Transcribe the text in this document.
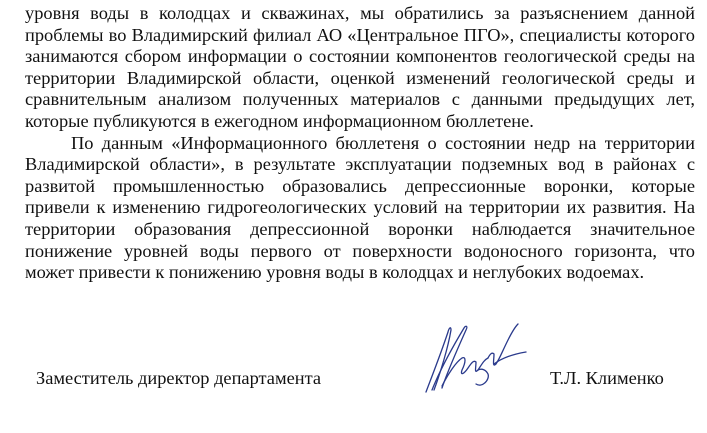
уровня воды в колодцах и скважинах, мы обратились за разъяснением данной
проблемы во Владимирский филиал АО «Центральное ПГО», специалисты которого
занимаются сбором информации о состоянии компонентов геологической среды на
территории Владимирской области, оценкой изменений геологической среды и
сравнительным анализом полученных материалов с данными предыдущих лет,
которые публикуются в ежегодном информационном бюллетене.
По данным «Информационного бюллетеня о состоянии недр на территории
Владимирской области», в результате эксплуатации подземных вод в районах с
развитой промышленностью образовались депрессионные воронки, которые
привели к изменению гидрогеологических условий на территории их развития. На
территории образования депрессионной воронки наблюдается значительное
понижение уровней воды первого от поверхности водоносного горизонта, что
может привести к понижению уровня воды в колодцах и неглубоких водоемах.
Заместитель директор департамента	Т.Л. Клименко
